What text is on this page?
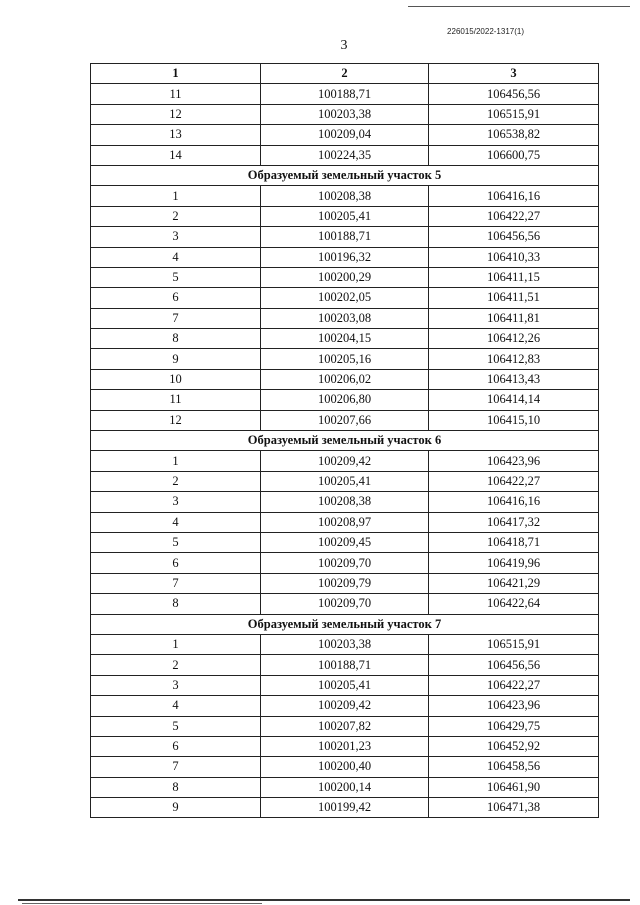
226015/2022-1317(1)
3
1	2	3
11	100188,71	106456,56
12	100203,38	106515,91
13	100209,04	106538,82
14	100224,35	106600,75
Образуемый земельный участок 5		
1	100208,38	106416,16
2	100205,41	106422,27
3	100188,71	106456,56
4	100196,32	106410,33
5	100200,29	106411,15
6	100202,05	106411,51
7	100203,08	106411,81
8	100204,15	106412,26
9	100205,16	106412,83
10	100206,02	106413,43
11	100206,80	106414,14
12	100207,66	106415,10
Образуемый земельный участок 6		
1	100209,42	106423,96
2	100205,41	106422,27
3	100208,38	106416,16
4	100208,97	106417,32
5	100209,45	106418,71
6	100209,70	106419,96
7	100209,79	106421,29
8	100209,70	106422,64
Образуемый земельный участок 7		
1	100203,38	106515,91
2	100188,71	106456,56
3	100205,41	106422,27
4	100209,42	106423,96
5	100207,82	106429,75
6	100201,23	106452,92
7	100200,40	106458,56
8	100200,14	106461,90
9	100199,42	106471,38
